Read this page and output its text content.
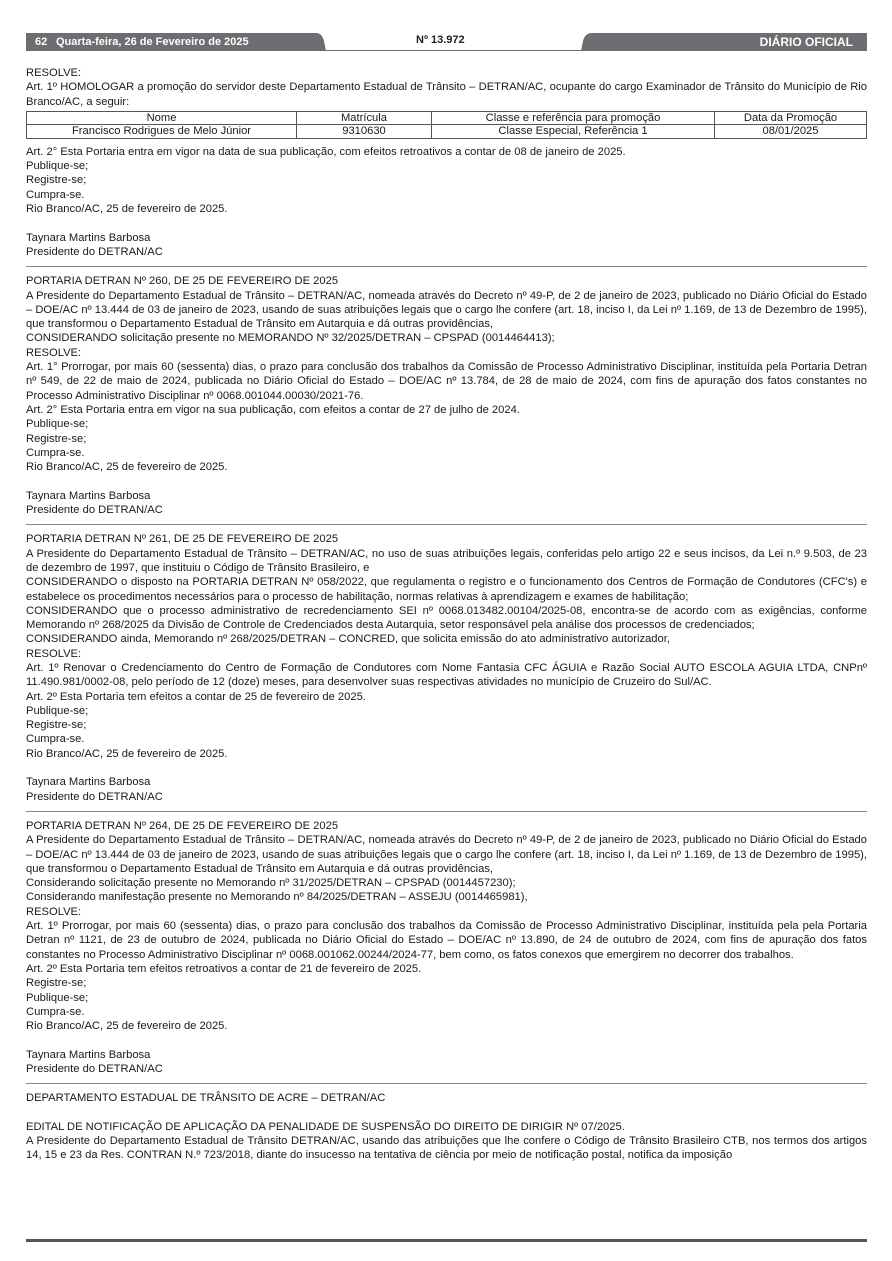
62 Quarta-feira, 26 de Fevereiro de 2025	Nº 13.972	DIÁRIO OFICIAL

RESOLVE:

Art. 1º HOMOLOGAR a promoção do servidor deste Departamento Estadual de Trânsito – DETRAN/AC, ocupante do cargo Examinador de Trânsito do Município de Rio Branco/AC, a seguir:

Nome	Matrícula	Classe e referência para promoção	Data da Promoção
Francisco Rodrigues de Melo Júnior	9310630	Classe Especial, Referência 1	08/01/2025

Art. 2° Esta Portaria entra em vigor na data de sua publicação, com efeitos retroativos a contar de 08 de janeiro de 2025.

Publique-se;

Registre-se;

Cumpra-se.

Rio Branco/AC, 25 de fevereiro de 2025.

Taynara Martins Barbosa

Presidente do DETRAN/AC

PORTARIA DETRAN Nº 260, DE 25 DE FEVEREIRO DE 2025

A Presidente do Departamento Estadual de Trânsito – DETRAN/AC, nomeada através do Decreto nº 49-P, de 2 de janeiro de 2023, publicado no Diário Oficial do Estado – DOE/AC nº 13.444 de 03 de janeiro de 2023, usando de suas atribuições legais que o cargo lhe confere (art. 18, inciso I, da Lei nº 1.169, de 13 de Dezembro de 1995), que transformou o Departamento Estadual de Trânsito em Autarquia e dá outras providências,

CONSIDERANDO solicitação presente no MEMORANDO Nº 32/2025/DETRAN – CPSPAD (0014464413);

RESOLVE:

Art. 1° Prorrogar, por mais 60 (sessenta) dias, o prazo para conclusão dos trabalhos da Comissão de Processo Administrativo Disciplinar, instituída pela Portaria Detran nº 549, de 22 de maio de 2024, publicada no Diário Oficial do Estado – DOE/AC nº 13.784, de 28 de maio de 2024, com fins de apuração dos fatos constantes no Processo Administrativo Disciplinar nº 0068.001044.00030/2021-76.

Art. 2° Esta Portaria entra em vigor na sua publicação, com efeitos a contar de 27 de julho de 2024.

Publique-se;

Registre-se;

Cumpra-se.

Rio Branco/AC, 25 de fevereiro de 2025.

Taynara Martins Barbosa

Presidente do DETRAN/AC

PORTARIA DETRAN Nº 261, DE 25 DE FEVEREIRO DE 2025

A Presidente do Departamento Estadual de Trânsito – DETRAN/AC, no uso de suas atribuições legais, conferidas pelo artigo 22 e seus incisos, da Lei n.º 9.503, de 23 de dezembro de 1997, que instituiu o Código de Trânsito Brasileiro, e

CONSIDERANDO o disposto na PORTARIA DETRAN Nº 058/2022, que regulamenta o registro e o funcionamento dos Centros de Formação de Condutores (CFC's) e estabelece os procedimentos necessários para o processo de habilitação, normas relativas à aprendizagem e exames de habilitação;

CONSIDERANDO que o processo administrativo de recredenciamento SEI nº 0068.013482.00104/2025-08, encontra-se de acordo com as exigências, conforme Memorando nº 268/2025 da Divisão de Controle de Credenciados desta Autarquia, setor responsável pela análise dos processos de credenciados;

CONSIDERANDO ainda, Memorando nº 268/2025/DETRAN – CONCRED, que solicita emissão do ato administrativo autorizador,

RESOLVE:

Art. 1º Renovar o Credenciamento do Centro de Formação de Condutores com Nome Fantasia CFC ÁGUIA e Razão Social AUTO ESCOLA AGUIA LTDA, CNPnº 11.490.981/0002-08, pelo período de 12 (doze) meses, para desenvolver suas respectivas atividades no município de Cruzeiro do Sul/AC.

Art. 2º Esta Portaria tem efeitos a contar de 25 de fevereiro de 2025.

Publique-se;

Registre-se;

Cumpra-se.

Rio Branco/AC, 25 de fevereiro de 2025.

Taynara Martins Barbosa

Presidente do DETRAN/AC

PORTARIA DETRAN Nº 264, DE 25 DE FEVEREIRO DE 2025

A Presidente do Departamento Estadual de Trânsito – DETRAN/AC, nomeada através do Decreto nº 49-P, de 2 de janeiro de 2023, publicado no Diário Oficial do Estado – DOE/AC nº 13.444 de 03 de janeiro de 2023, usando de suas atribuições legais que o cargo lhe confere (art. 18, inciso I, da Lei nº 1.169, de 13 de Dezembro de 1995), que transformou o Departamento Estadual de Trânsito em Autarquia e dá outras providências,

Considerando solicitação presente no Memorando nº 31/2025/DETRAN – CPSPAD (0014457230);

Considerando manifestação presente no Memorando nº 84/2025/DETRAN – ASSEJU (0014465981),

RESOLVE:

Art. 1º Prorrogar, por mais 60 (sessenta) dias, o prazo para conclusão dos trabalhos da Comissão de Processo Administrativo Disciplinar, instituída pela pela Portaria Detran nº 1121, de 23 de outubro de 2024, publicada no Diário Oficial do Estado – DOE/AC nº 13.890, de 24 de outubro de 2024, com fins de apuração dos fatos constantes no Processo Administrativo Disciplinar nº 0068.001062.00244/2024-77, bem como, os fatos conexos que emergirem no decorrer dos trabalhos.

Art. 2º Esta Portaria tem efeitos retroativos a contar de 21 de fevereiro de 2025.

Registre-se;

Publique-se;

Cumpra-se.

Rio Branco/AC, 25 de fevereiro de 2025.

Taynara Martins Barbosa

Presidente do DETRAN/AC

DEPARTAMENTO ESTADUAL DE TRÂNSITO DE ACRE – DETRAN/AC

EDITAL DE NOTIFICAÇÃO DE APLICAÇÃO DA PENALIDADE DE SUSPENSÃO DO DIREITO DE DIRIGIR Nº 07/2025.

A Presidente do Departamento Estadual de Trânsito DETRAN/AC, usando das atribuições que lhe confere o Código de Trânsito Brasileiro CTB, nos termos dos artigos 14, 15 e 23 da Res. CONTRAN N.º 723/2018, diante do insucesso na tentativa de ciência por meio de notificação postal, notifica da imposição
